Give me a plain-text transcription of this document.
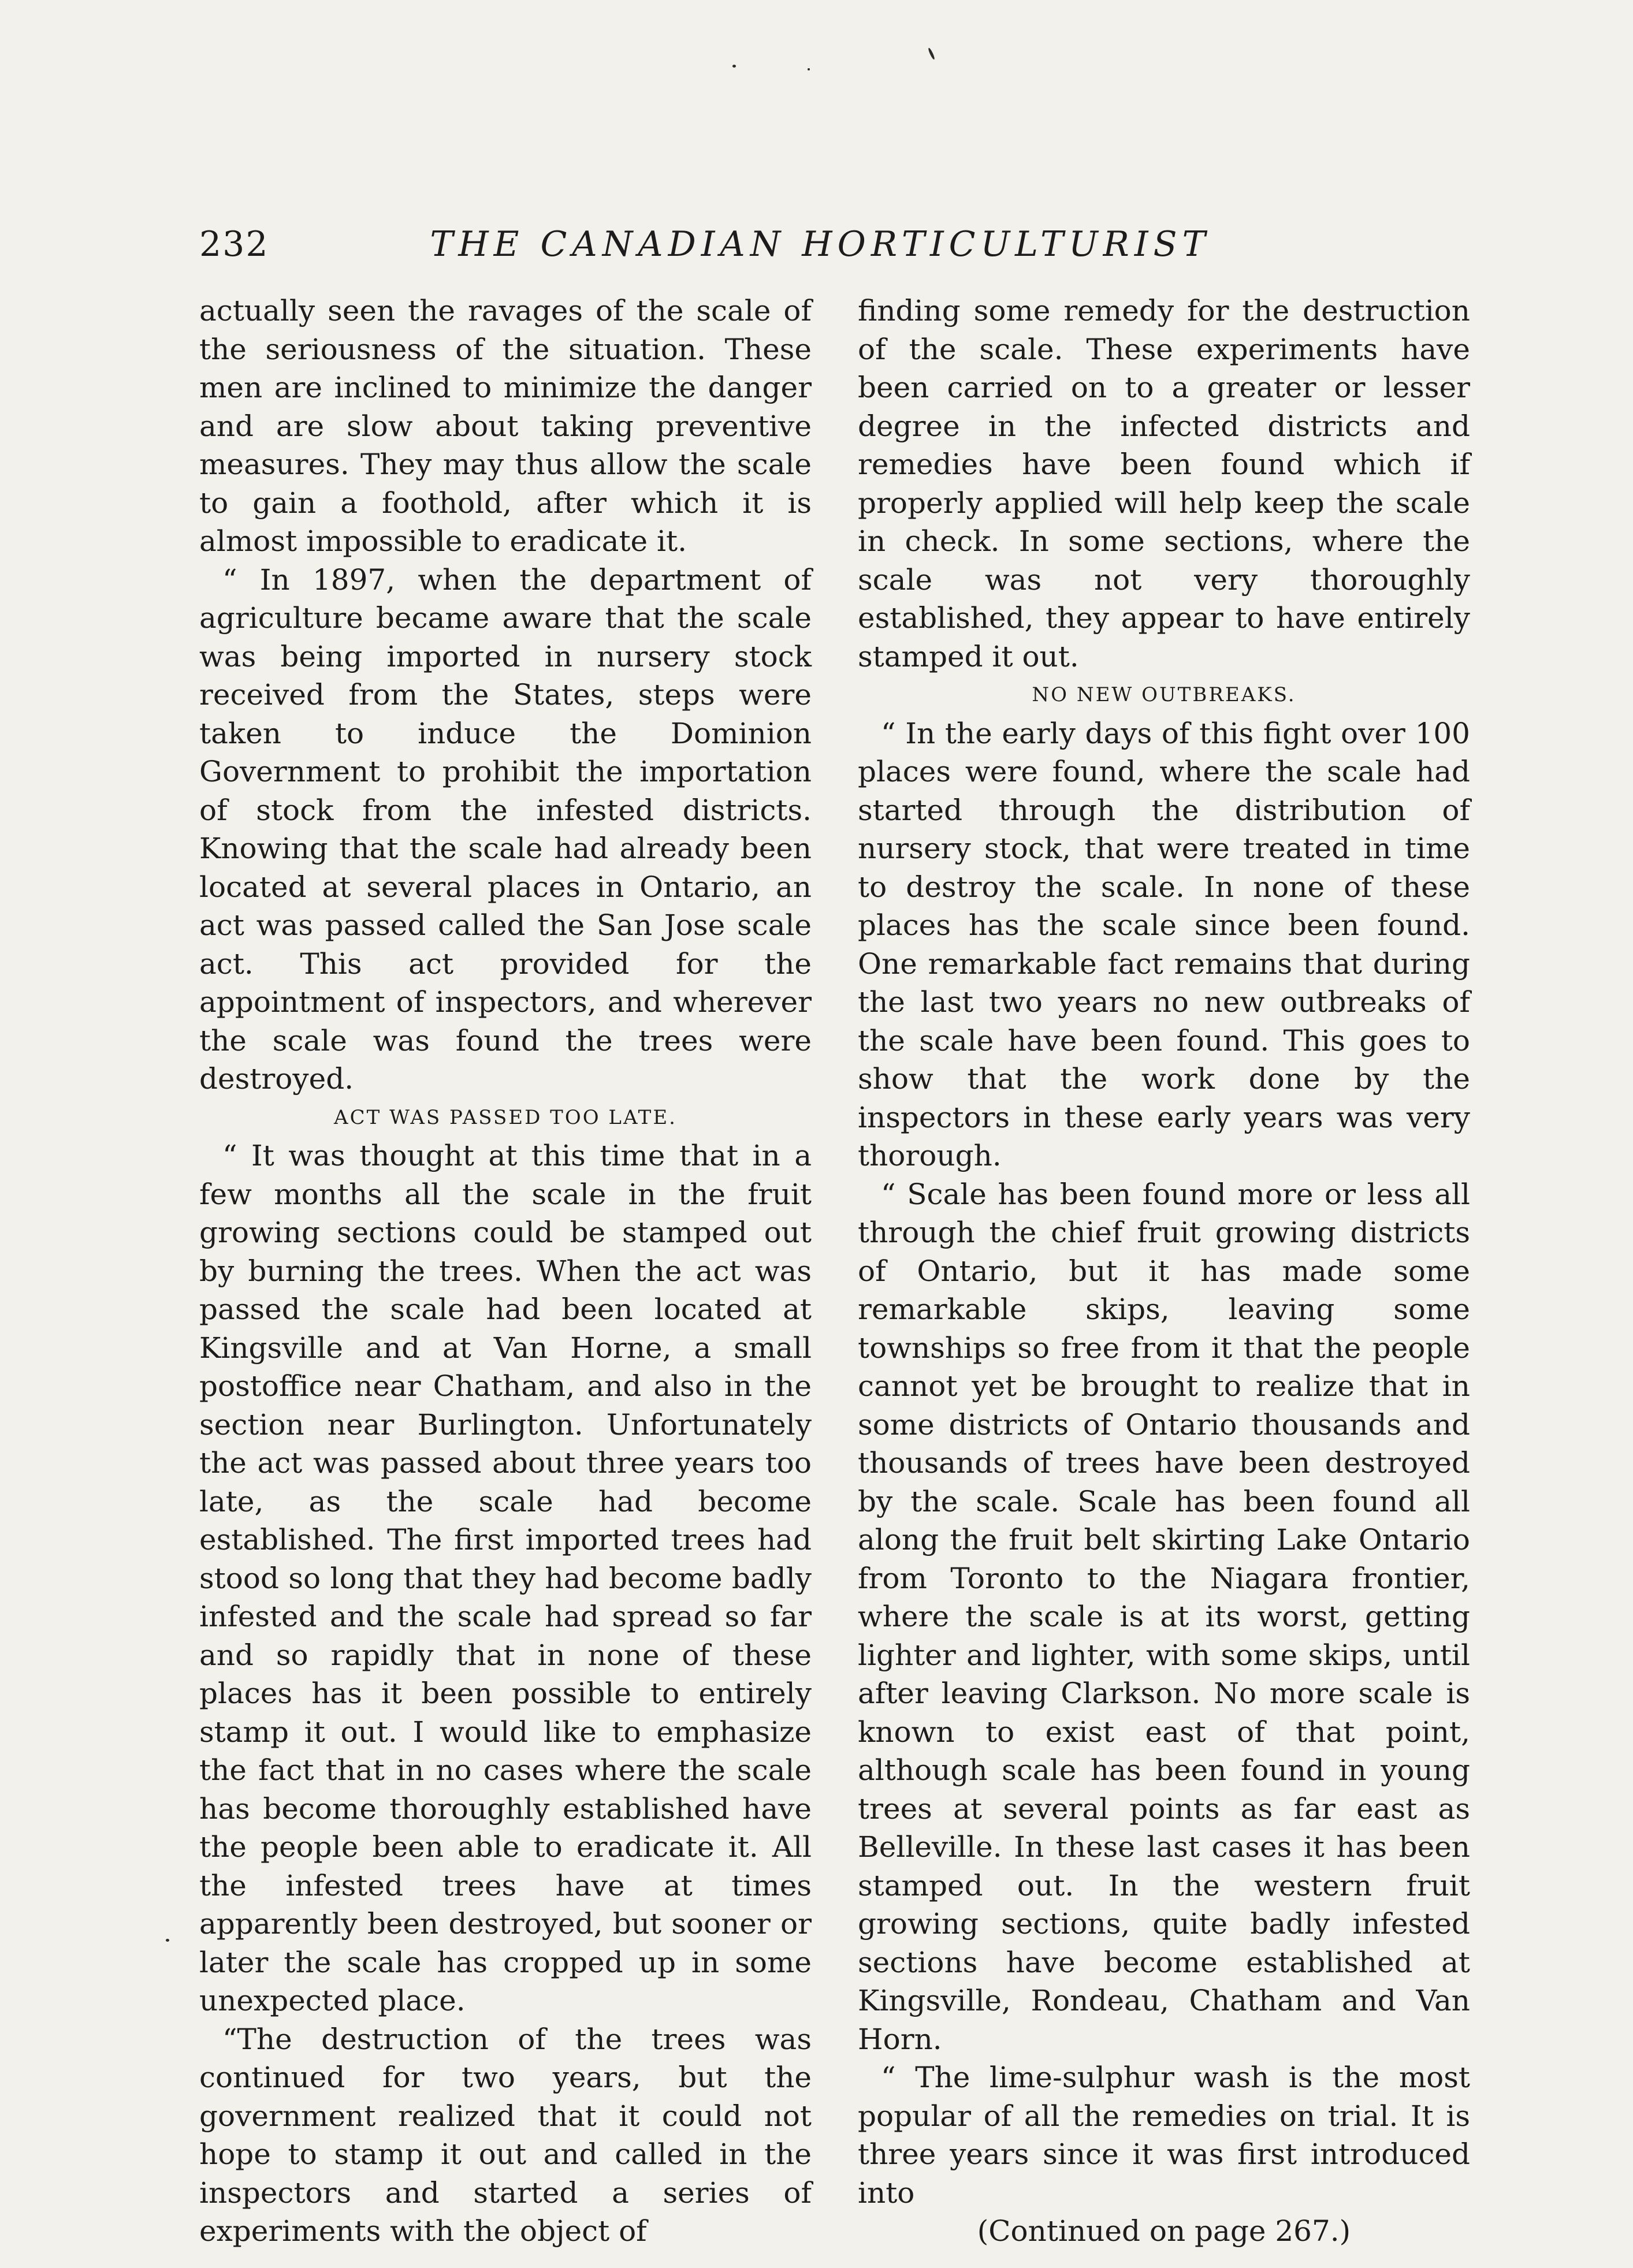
232	THE CANADIAN HORTICULTURIST

actually seen the ravages of the scale of the seriousness of the situation. These men are inclined to minimize the danger and are slow about taking preventive measures. They may thus allow the scale to gain a foothold, after which it is almost impossible to eradicate it.

“ In 1897, when the department of agriculture became aware that the scale was being imported in nursery stock received from the States, steps were taken to induce the Dominion Government to prohibit the importation of stock from the infested districts. Knowing that the scale had already been located at several places in Ontario, an act was passed called the San Jose scale act. This act provided for the appointment of inspectors, and wherever the scale was found the trees were destroyed.

ACT WAS PASSED TOO LATE.

“ It was thought at this time that in a few months all the scale in the fruit growing sections could be stamped out by burning the trees. When the act was passed the scale had been located at Kingsville and at Van Horne, a small postoffice near Chatham, and also in the section near Burlington. Unfortunately the act was passed about three years too late, as the scale had become established. The first imported trees had stood so long that they had become badly infested and the scale had spread so far and so rapidly that in none of these places has it been possible to entirely stamp it out. I would like to emphasize the fact that in no cases where the scale has become thoroughly established have the people been able to eradicate it. All the infested trees have at times apparently been destroyed, but sooner or later the scale has cropped up in some unexpected place.

“The destruction of the trees was continued for two years, but the government realized that it could not hope to stamp it out and called in the inspectors and started a series of experiments with the object of

finding some remedy for the destruction of the scale. These experiments have been carried on to a greater or lesser degree in the infected districts and remedies have been found which if properly applied will help keep the scale in check. In some sections, where the scale was not very thoroughly established, they appear to have entirely stamped it out.

NO NEW OUTBREAKS.

“ In the early days of this fight over 100 places were found, where the scale had started through the distribution of nursery stock, that were treated in time to destroy the scale. In none of these places has the scale since been found. One remarkable fact remains that during the last two years no new outbreaks of the scale have been found. This goes to show that the work done by the inspectors in these early years was very thorough.

“ Scale has been found more or less all through the chief fruit growing districts of Ontario, but it has made some remarkable skips, leaving some townships so free from it that the people cannot yet be brought to realize that in some districts of Ontario thousands and thousands of trees have been destroyed by the scale. Scale has been found all along the fruit belt skirting Lake Ontario from Toronto to the Niagara frontier, where the scale is at its worst, getting lighter and lighter, with some skips, until after leaving Clarkson. No more scale is known to exist east of that point, although scale has been found in young trees at several points as far east as Belleville. In these last cases it has been stamped out. In the western fruit growing sections, quite badly infested sections have become established at Kingsville, Rondeau, Chatham and Van Horn.

“ The lime-sulphur wash is the most popular of all the remedies on trial. It is three years since it was first introduced into

(Continued on page 267.)
